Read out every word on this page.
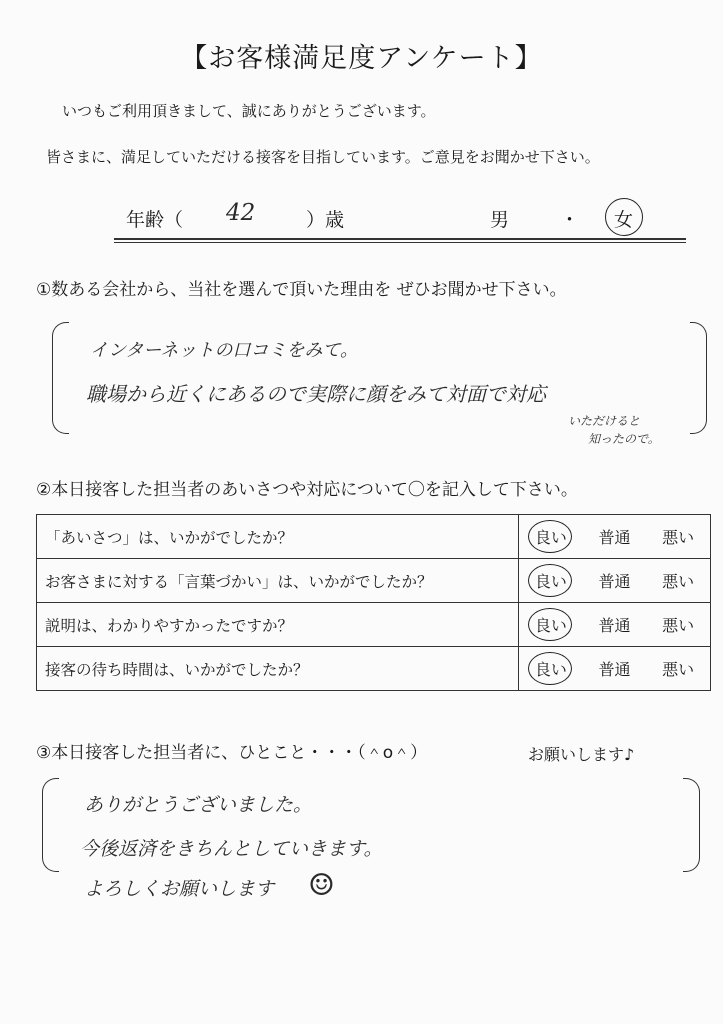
【お客様満足度アンケート】
いつもご利用頂きまして、誠にありがとうございます。
皆さまに、満足していただける接客を目指しています。ご意見をお聞かせ下さい。
年齢（ 42	）歳	男	・ 女
①数ある会社から、当社を選んで頂いた理由を ぜひお聞かせ下さい。
インターネットの口コミをみて。
職場から近くにあるので実際に顔をみて対面で対応
いただけると
知ったので。
②本日接客した担当者のあいさつや対応について〇を記入して下さい。
「あいさつ」は、いかがでしたか？	良い 普通 悪い
お客さまに対する「言葉づかい」は、いかがでしたか？	良い 普通 悪い
説明は、わかりやすかったですか？	良い 普通 悪い
接客の待ち時間は、いかがでしたか？	良い 普通 悪い
③本日接客した担当者に、ひとこと・・・（＾o＾）	お願いします♪
ありがとうございました。
今後返済をきちんとしていきます。
よろしくお願いします ☺
